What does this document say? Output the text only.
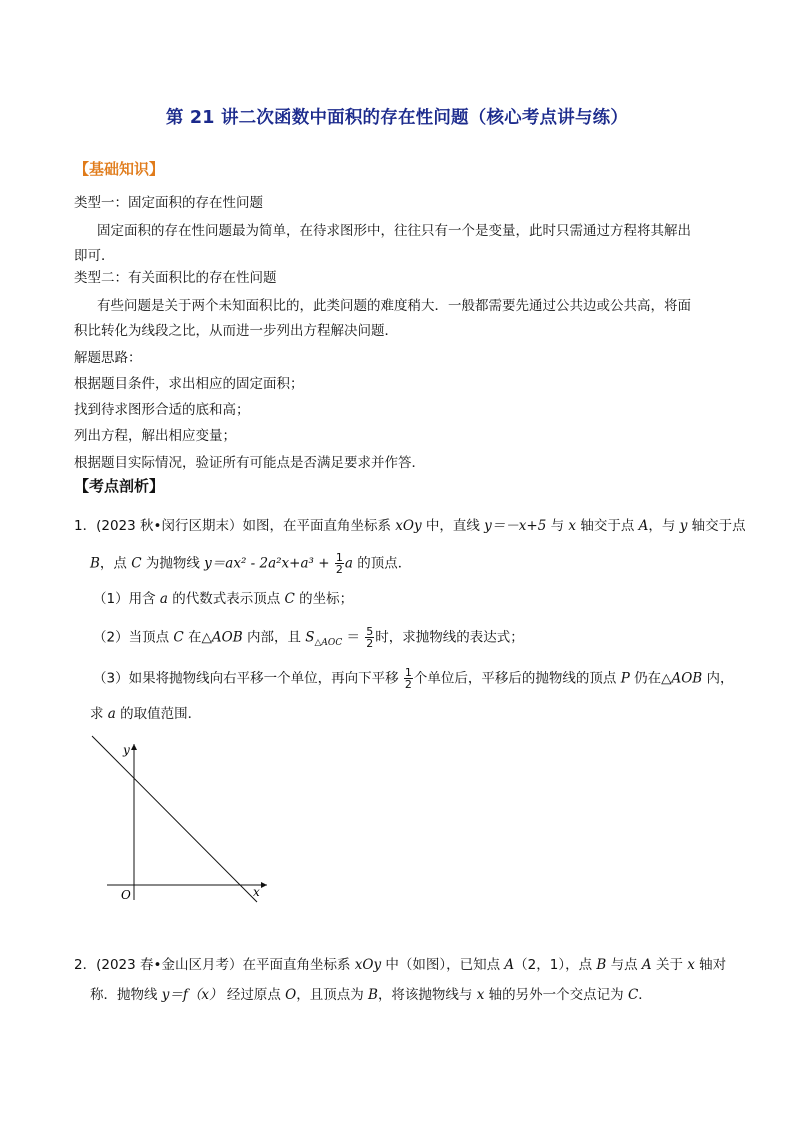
第 21 讲二次函数中面积的存在性问题（核心考点讲与练）
【基础知识】
类型一：固定面积的存在性问题
固定面积的存在性问题最为简单，在待求图形中，往往只有一个是变量，此时只需通过方程将其解出
即可．
类型二：有关面积比的存在性问题
有些问题是关于两个未知面积比的，此类问题的难度稍大．一般都需要先通过公共边或公共高，将面
积比转化为线段之比，从而进一步列出方程解决问题．
解题思路：
根据题目条件，求出相应的固定面积；
找到待求图形合适的底和高；
列出方程，解出相应变量；
根据题目实际情况，验证所有可能点是否满足要求并作答．
【考点剖析】
1．(2023 秋•闵行区期末）如图，在平面直角坐标系 xOy 中，直线 y＝－x+5 与 x 轴交于点 A，与 y 轴交于点
B，点 C 为抛物线 $y=ax^2 - 2a^2x+a^3 + \frac{1}{2}$ a 的顶点．
（1）用含 a 的代数式表示顶点 C 的坐标；
（2）当顶点 C 在△AOB 内部，且 $S_{\triangle AOC} = \frac{5}{2}$ 时，求抛物线的表达式；
（3）如果将抛物线向右平移一个单位，再向下平移 $\frac{1}{2}$ 个单位后，平移后的抛物线的顶点 P 仍在△AOB 内，
求 a 的取值范围．
y
x
O
2．(2023 春•金山区月考）在平面直角坐标系 xOy 中（如图），已知点 A（2，1），点 B 与点 A 关于 x 轴对
称．抛物线 y＝f（x） 经过原点 O，且顶点为 B，将该抛物线与 x 轴的另外一个交点记为 C．
